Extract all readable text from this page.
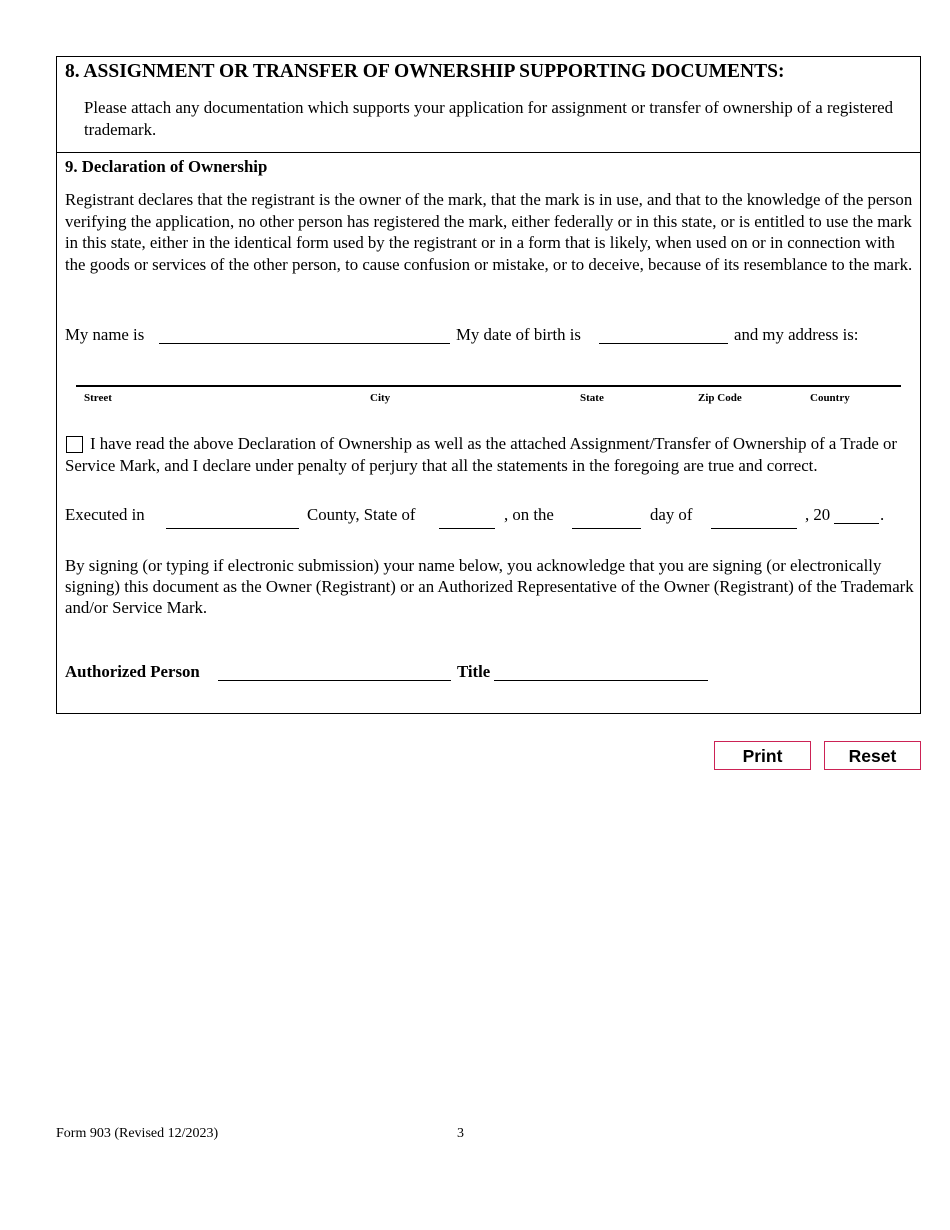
8. ASSIGNMENT OR TRANSFER OF OWNERSHIP SUPPORTING DOCUMENTS:
Please attach any documentation which supports your application for assignment or transfer of ownership of a registered trademark.
9. Declaration of Ownership
Registrant declares that the registrant is the owner of the mark, that the mark is in use, and that to the knowledge of the person verifying the application, no other person has registered the mark, either federally or in this state, or is entitled to use the mark in this state, either in the identical form used by the registrant or in a form that is likely, when used on or in connection with the goods or services of the other person, to cause confusion or mistake, or to deceive, because of its resemblance to the mark.
My name is	My date of birth is	and my address is:
Street	City	State	Zip Code	Country
I have read the above Declaration of Ownership as well as the attached Assignment/Transfer of Ownership of a Trade or Service Mark, and I declare under penalty of perjury that all the statements in the foregoing are true and correct.
Executed in	County, State of	, on the	day of	, 20	.
By signing (or typing if electronic submission) your name below, you acknowledge that you are signing (or electronically signing) this document as the Owner (Registrant) or an Authorized Representative of the Owner (Registrant) of the Trademark and/or Service Mark.
Authorized Person	Title
Print	Reset
Form 903 (Revised 12/2023)	3
